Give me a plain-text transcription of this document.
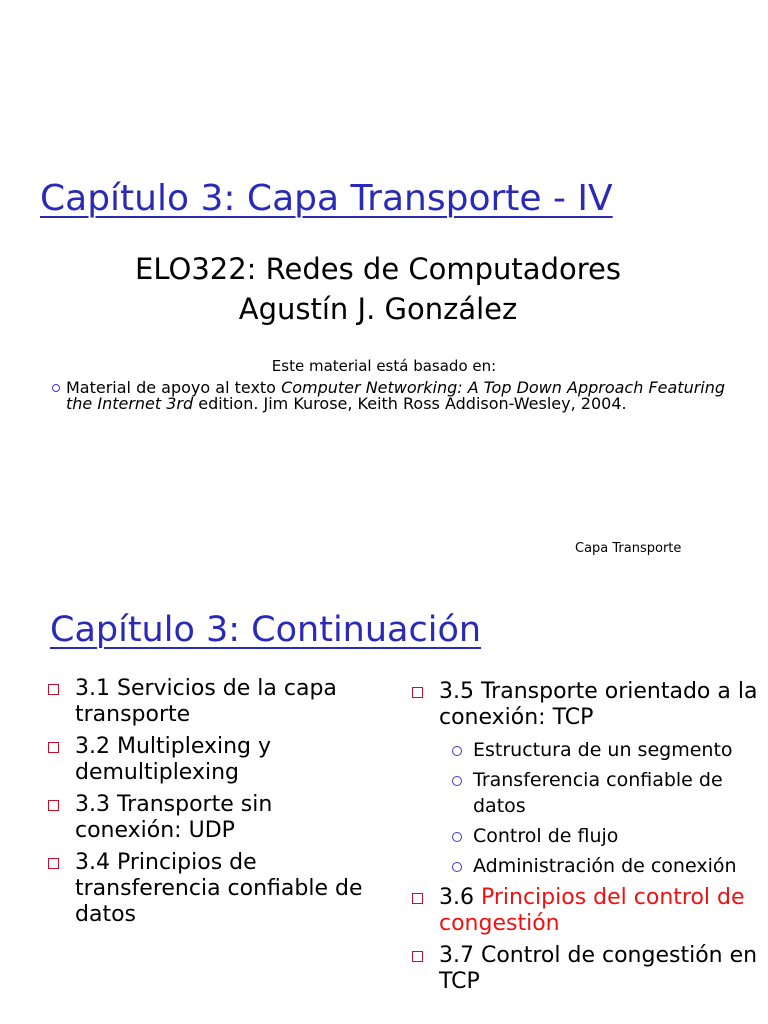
Capítulo 3: Capa Transporte - IV
ELO322: Redes de Computadores
Agustín J. González
Este material está basado en:
Material de apoyo al texto Computer Networking: A Top Down Approach Featuring the Internet 3rd edition. Jim Kurose, Keith Ross Addison-Wesley, 2004.
Capa Transporte
Capítulo 3: Continuación
3.1 Servicios de la capa transporte
3.2 Multiplexing y demultiplexing
3.3 Transporte sin conexión: UDP
3.4 Principios de transferencia confiable de datos
3.5 Transporte orientado a la conexión: TCP
Estructura de un segmento
Transferencia confiable de datos
Control de flujo
Administración de conexión
3.6 Principios del control de congestión
3.7 Control de congestión en TCP
